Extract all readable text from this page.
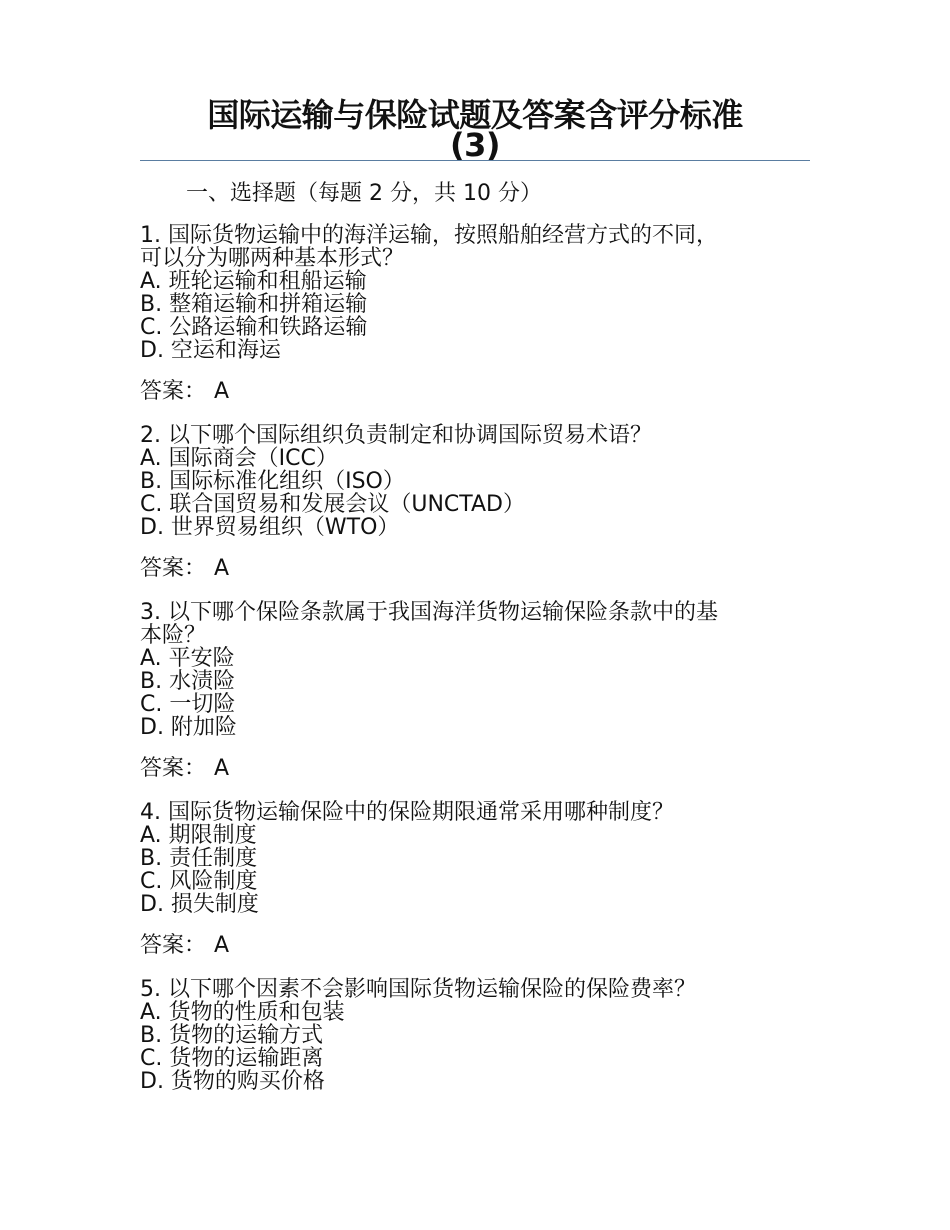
国际运输与保险试题及答案含评分标准
(3)
一、选择题（每题 2 分，共 10 分）
1. 国际货物运输中的海洋运输，按照船舶经营方式的不同，
可以分为哪两种基本形式？
A. 班轮运输和租船运输
B. 整箱运输和拼箱运输
C. 公路运输和铁路运输
D. 空运和海运
答案： A
2. 以下哪个国际组织负责制定和协调国际贸易术语？
A. 国际商会（ICC）
B. 国际标准化组织（ISO）
C. 联合国贸易和发展会议（UNCTAD）
D. 世界贸易组织（WTO）
答案： A
3. 以下哪个保险条款属于我国海洋货物运输保险条款中的基
本险？
A. 平安险
B. 水渍险
C. 一切险
D. 附加险
答案： A
4. 国际货物运输保险中的保险期限通常采用哪种制度？
A. 期限制度
B. 责任制度
C. 风险制度
D. 损失制度
答案： A
5. 以下哪个因素不会影响国际货物运输保险的保险费率？
A. 货物的性质和包装
B. 货物的运输方式
C. 货物的运输距离
D. 货物的购买价格
